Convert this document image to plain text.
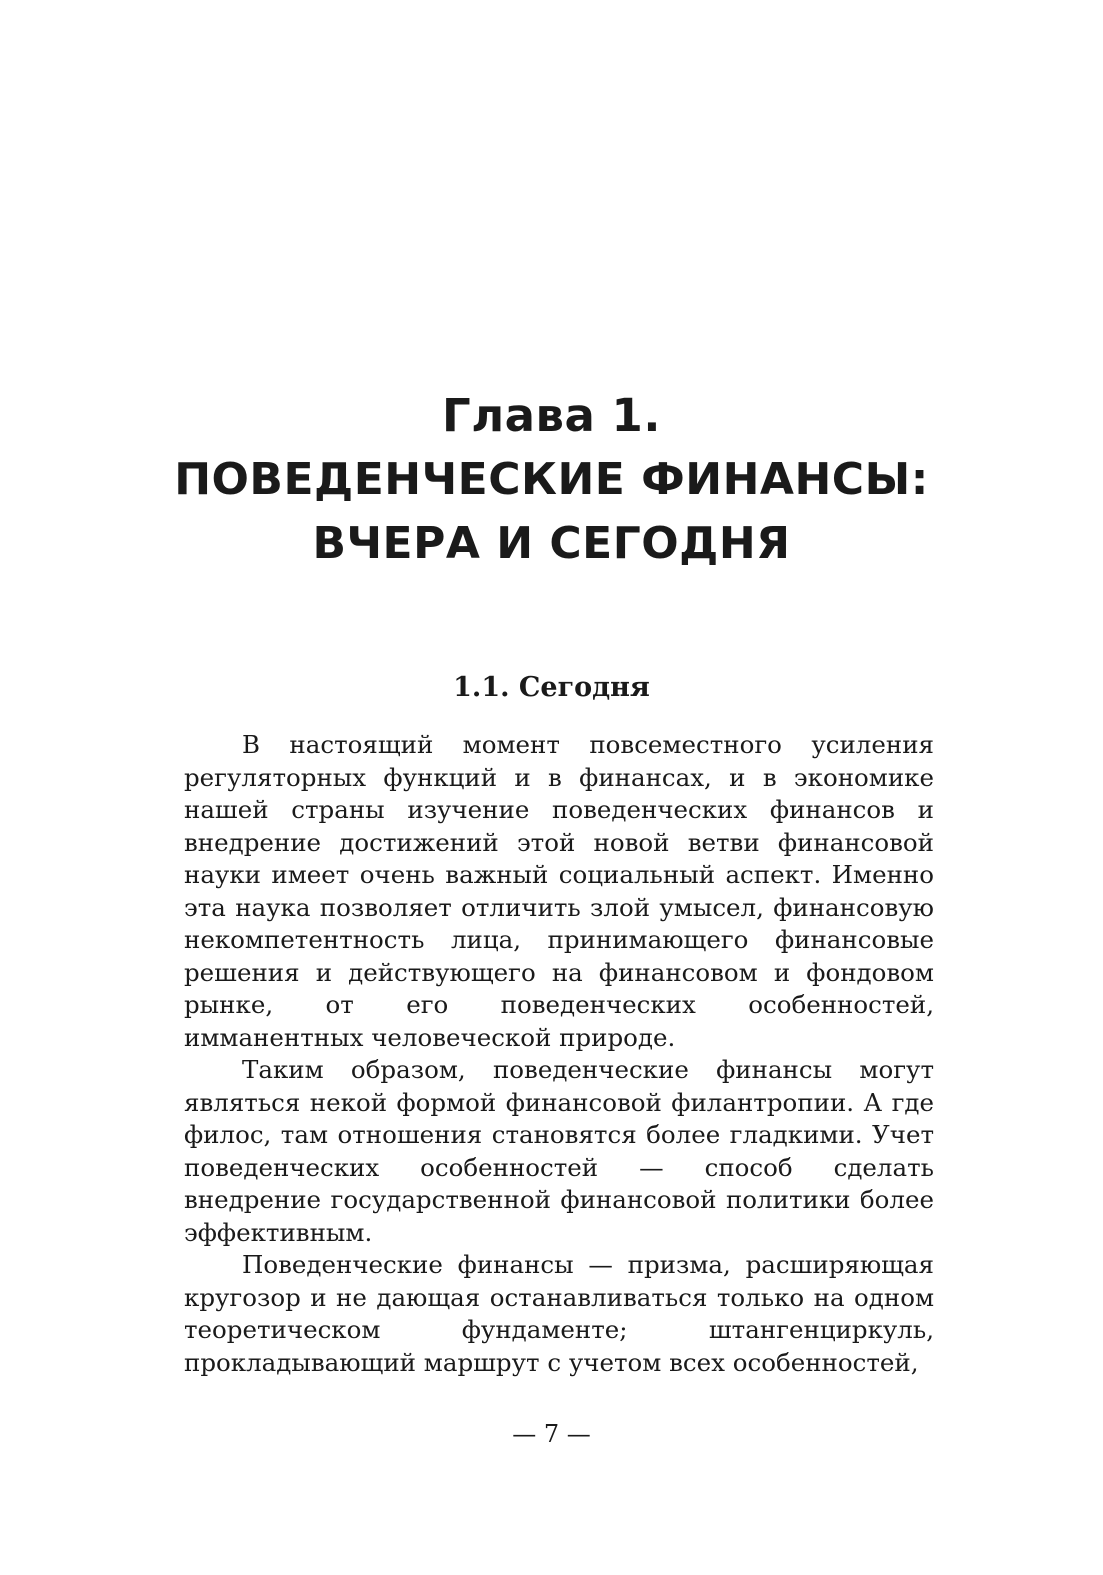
Глава 1.
ПОВЕДЕНЧЕСКИЕ ФИНАНСЫ:
ВЧЕРА И СЕГОДНЯ
1.1. Сегодня

В настоящий момент повсеместного усиления регуляторных функций и в финансах, и в экономике нашей страны изучение поведенческих финансов и внедрение достижений этой новой ветви финансовой науки имеет очень важный социальный аспект. Именно эта наука позволяет отличить злой умысел, финансовую некомпетентность лица, принимающего финансовые решения и действующего на финансовом и фондовом рынке, от его поведенческих особенностей, имманентных человеческой природе.

Таким образом, поведенческие финансы могут являться некой формой финансовой филантропии. А где филос, там отношения становятся более гладкими. Учет поведенческих особенностей — способ сделать внедрение государственной финансовой политики более эффективным.

Поведенческие финансы — призма, расширяющая кругозор и не дающая останавливаться только на одном теоретическом фундаменте; штангенциркуль, прокладывающий маршрут с учетом всех особенностей,

— 7 —
